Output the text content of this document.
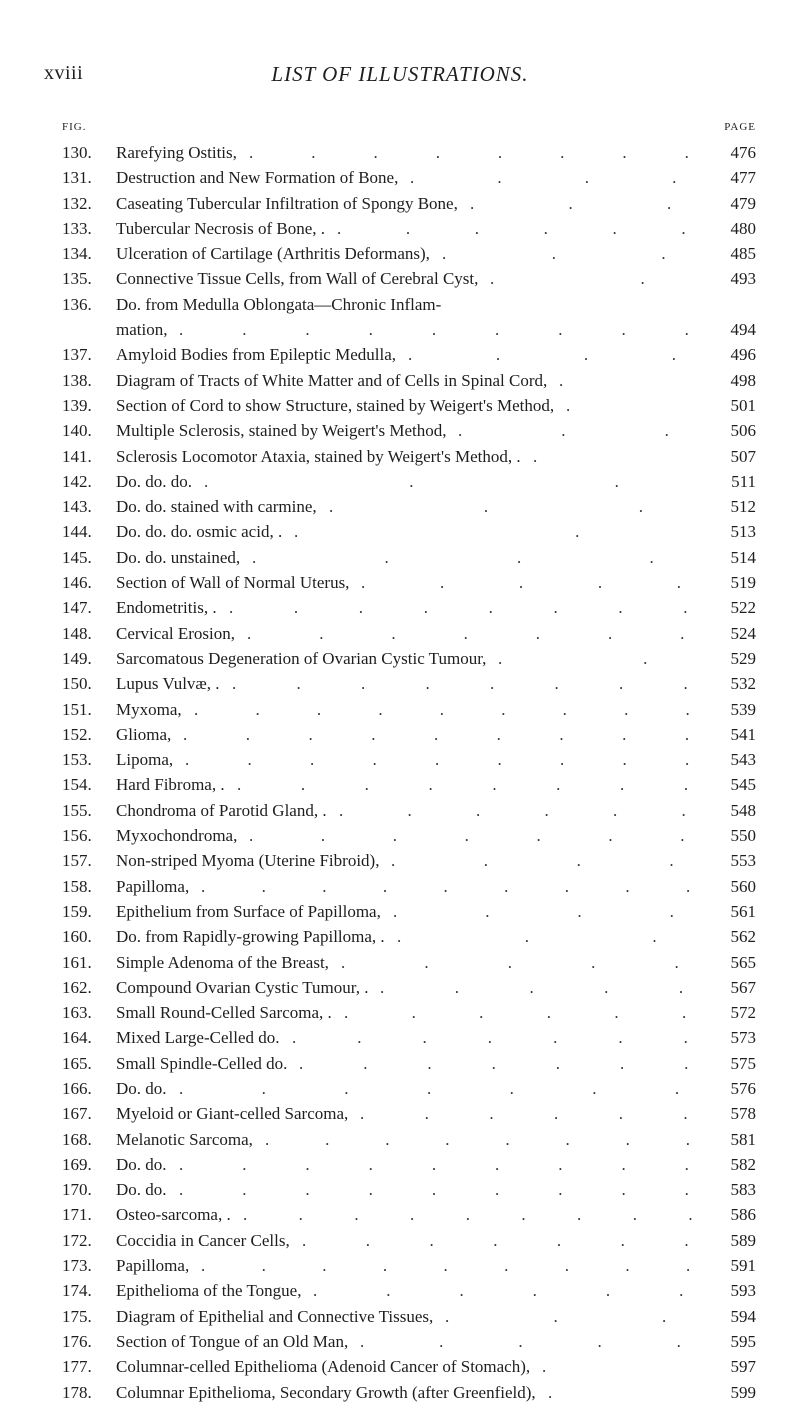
xviii	LIST OF ILLUSTRATIONS.
FIG.	PAGE
130.	Rarefying Ostitis, . . . . . . . . 476
131.	Destruction and New Formation of Bone, . . . . 477
132.	Caseating Tubercular Infiltration of Spongy Bone, . . . 479
133.	Tubercular Necrosis of Bone, . . . . . . . 480
134.	Ulceration of Cartilage (Arthritis Deformans), . . . 485
135.	Connective Tissue Cells, from Wall of Cerebral Cyst, . . 493
136.	Do. from Medulla Oblongata—Chronic Inflam-
mation, . . . . . . . . . 494
137.	Amyloid Bodies from Epileptic Medulla, . . . . 496
138.	Diagram of Tracts of White Matter and of Cells in Spinal Cord, .	498
139.	Section of Cord to show Structure, stained by Weigert's Method, .	501
140.	Multiple Sclerosis, stained by Weigert's Method, . . . 506
141.	Sclerosis Locomotor Ataxia, stained by Weigert's Method, . .	507
142.	Do. do. do. . . . 511
143.	Do. do. stained with carmine, . . . 512
144.	Do. do. do. osmic acid, . . . 513
145.	Do. do. unstained, . . . . 514
146.	Section of Wall of Normal Uterus, . . . . . 519
147.	Endometritis, . . . . . . . . . 522
148.	Cervical Erosion, . . . . . . . 524
149.	Sarcomatous Degeneration of Ovarian Cystic Tumour, . . 529
150.	Lupus Vulvæ, . . . . . . . . . 532
151.	Myxoma, . . . . . . . . . 539
152.	Glioma, . . . . . . . . . 541
153.	Lipoma, . . . . . . . . . 543
154.	Hard Fibroma, . . . . . . . . . 545
155.	Chondroma of Parotid Gland, . . . . . . . 548
156.	Myxochondroma, . . . . . . . 550
157.	Non-striped Myoma (Uterine Fibroid), . . . . 553
158.	Papilloma, . . . . . . . . . 560
159.	Epithelium from Surface of Papilloma, . . . . 561
160.	Do. from Rapidly-growing Papilloma, . . . . 562
161.	Simple Adenoma of the Breast, . . . . . 565
162.	Compound Ovarian Cystic Tumour, . . . . . . 567
163.	Small Round-Celled Sarcoma, . . . . . . . 572
164.	Mixed Large-Celled do. . . . . . . . 573
165.	Small Spindle-Celled do. . . . . . . . 575
166.	Do. do. . . . . . . . 576
167.	Myeloid or Giant-celled Sarcoma, . . . . . . 578
168.	Melanotic Sarcoma, . . . . . . . . 581
169.	Do. do. . . . . . . . . . 582
170.	Do. do. . . . . . . . . . 583
171.	Osteo-sarcoma, . . . . . . . . . . 586
172.	Coccidia in Cancer Cells, . . . . . . . 589
173.	Papilloma, . . . . . . . . . 591
174.	Epithelioma of the Tongue, . . . . . . 593
175.	Diagram of Epithelial and Connective Tissues, . . . 594
176.	Section of Tongue of an Old Man, . . . . . 595
177.	Columnar-celled Epithelioma (Adenoid Cancer of Stomach), .	597
178.	Columnar Epithelioma, Secondary Growth (after Greenfield), .	599
